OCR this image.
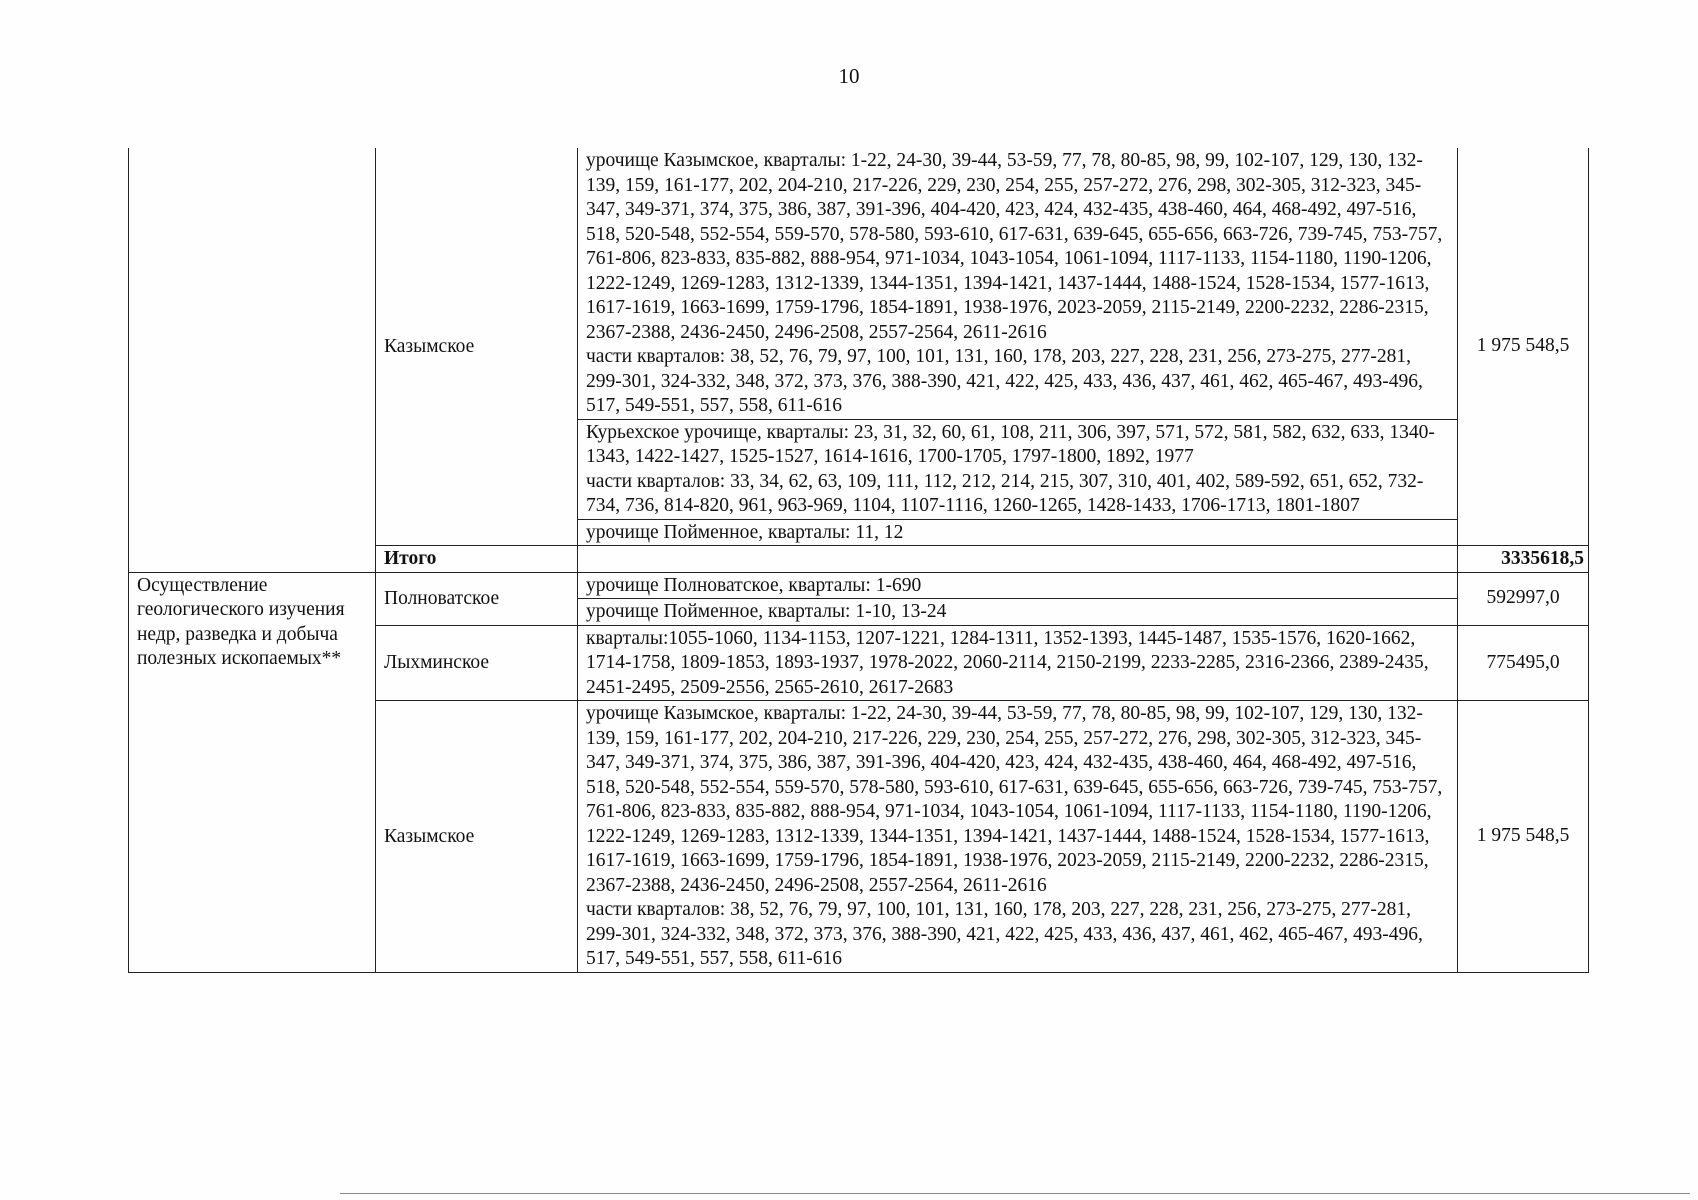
10
	Казымское	урочище Казымское, кварталы: 1-22, 24-30, 39-44, 53-59, 77, 78, 80-85, 98, 99, 102-107, 129, 130, 132-139, 159, 161-177, 202, 204-210, 217-226, 229, 230, 254, 255, 257-272, 276, 298, 302-305, 312-323, 345-347, 349-371, 374, 375, 386, 387, 391-396, 404-420, 423, 424, 432-435, 438-460, 464, 468-492, 497-516, 518, 520-548, 552-554, 559-570, 578-580, 593-610, 617-631, 639-645, 655-656, 663-726, 739-745, 753-757, 761-806, 823-833, 835-882, 888-954, 971-1034, 1043-1054, 1061-1094, 1117-1133, 1154-1180, 1190-1206, 1222-1249, 1269-1283, 1312-1339, 1344-1351, 1394-1421, 1437-1444, 1488-1524, 1528-1534, 1577-1613, 1617-1619, 1663-1699, 1759-1796, 1854-1891, 1938-1976, 2023-2059, 2115-2149, 2200-2232, 2286-2315, 2367-2388, 2436-2450, 2496-2508, 2557-2564, 2611-2616
части кварталов: 38, 52, 76, 79, 97, 100, 101, 131, 160, 178, 203, 227, 228, 231, 256, 273-275, 277-281, 299-301, 324-332, 348, 372, 373, 376, 388-390, 421, 422, 425, 433, 436, 437, 461, 462, 465-467, 493-496, 517, 549-551, 557, 558, 611-616	1 975 548,5

		Курьехское урочище, кварталы: 23, 31, 32, 60, 61, 108, 211, 306, 397, 571, 572, 581, 582, 632, 633, 1340-1343, 1422-1427, 1525-1527, 1614-1616, 1700-1705, 1797-1800, 1892, 1977
части кварталов: 33, 34, 62, 63, 109, 111, 112, 212, 214, 215, 307, 310, 401, 402, 589-592, 651, 652, 732-734, 736, 814-820, 961, 963-969, 1104, 1107-1116, 1260-1265, 1428-1433, 1706-1713, 1801-1807	

		урочище Пойменное, кварталы: 11, 12	

	Итого		3335618,5
Осуществление геологического изучения недр, разведка и добыча полезных ископаемых**	Полноватское	урочище Полноватское, кварталы: 1-690	592997,0

		урочище Пойменное, кварталы: 1-10, 13-24	

	Лыхминское	кварталы:1055-1060, 1134-1153, 1207-1221, 1284-1311, 1352-1393, 1445-1487, 1535-1576, 1620-1662, 1714-1758, 1809-1853, 1893-1937, 1978-2022, 2060-2114, 2150-2199, 2233-2285, 2316-2366, 2389-2435, 2451-2495, 2509-2556, 2565-2610, 2617-2683	775495,0
	Казымское	урочище Казымское, кварталы: 1-22, 24-30, 39-44, 53-59, 77, 78, 80-85, 98, 99, 102-107, 129, 130, 132-139, 159, 161-177, 202, 204-210, 217-226, 229, 230, 254, 255, 257-272, 276, 298, 302-305, 312-323, 345-347, 349-371, 374, 375, 386, 387, 391-396, 404-420, 423, 424, 432-435, 438-460, 464, 468-492, 497-516, 518, 520-548, 552-554, 559-570, 578-580, 593-610, 617-631, 639-645, 655-656, 663-726, 739-745, 753-757, 761-806, 823-833, 835-882, 888-954, 971-1034, 1043-1054, 1061-1094, 1117-1133, 1154-1180, 1190-1206, 1222-1249, 1269-1283, 1312-1339, 1344-1351, 1394-1421, 1437-1444, 1488-1524, 1528-1534, 1577-1613, 1617-1619, 1663-1699, 1759-1796, 1854-1891, 1938-1976, 2023-2059, 2115-2149, 2200-2232, 2286-2315, 2367-2388, 2436-2450, 2496-2508, 2557-2564, 2611-2616
части кварталов: 38, 52, 76, 79, 97, 100, 101, 131, 160, 178, 203, 227, 228, 231, 256, 273-275, 277-281, 299-301, 324-332, 348, 372, 373, 376, 388-390, 421, 422, 425, 433, 436, 437, 461, 462, 465-467, 493-496, 517, 549-551, 557, 558, 611-616	1 975 548,5
